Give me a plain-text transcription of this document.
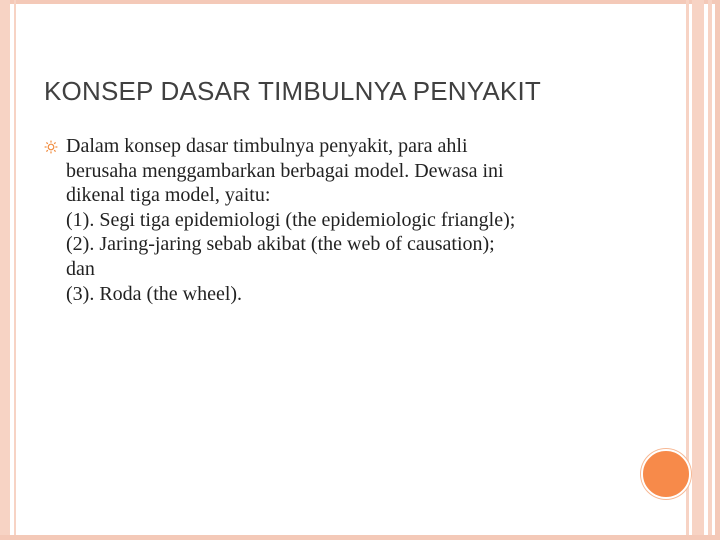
KONSEP DASAR TIMBULNYA PENYAKIT
Dalam konsep dasar timbulnya penyakit, para ahli
berusaha menggambarkan berbagai model. Dewasa ini
dikenal tiga model, yaitu:
(1). Segi tiga epidemiologi (the epidemiologic friangle);
(2). Jaring-jaring sebab akibat (the web of causation);
dan
(3). Roda (the wheel).
